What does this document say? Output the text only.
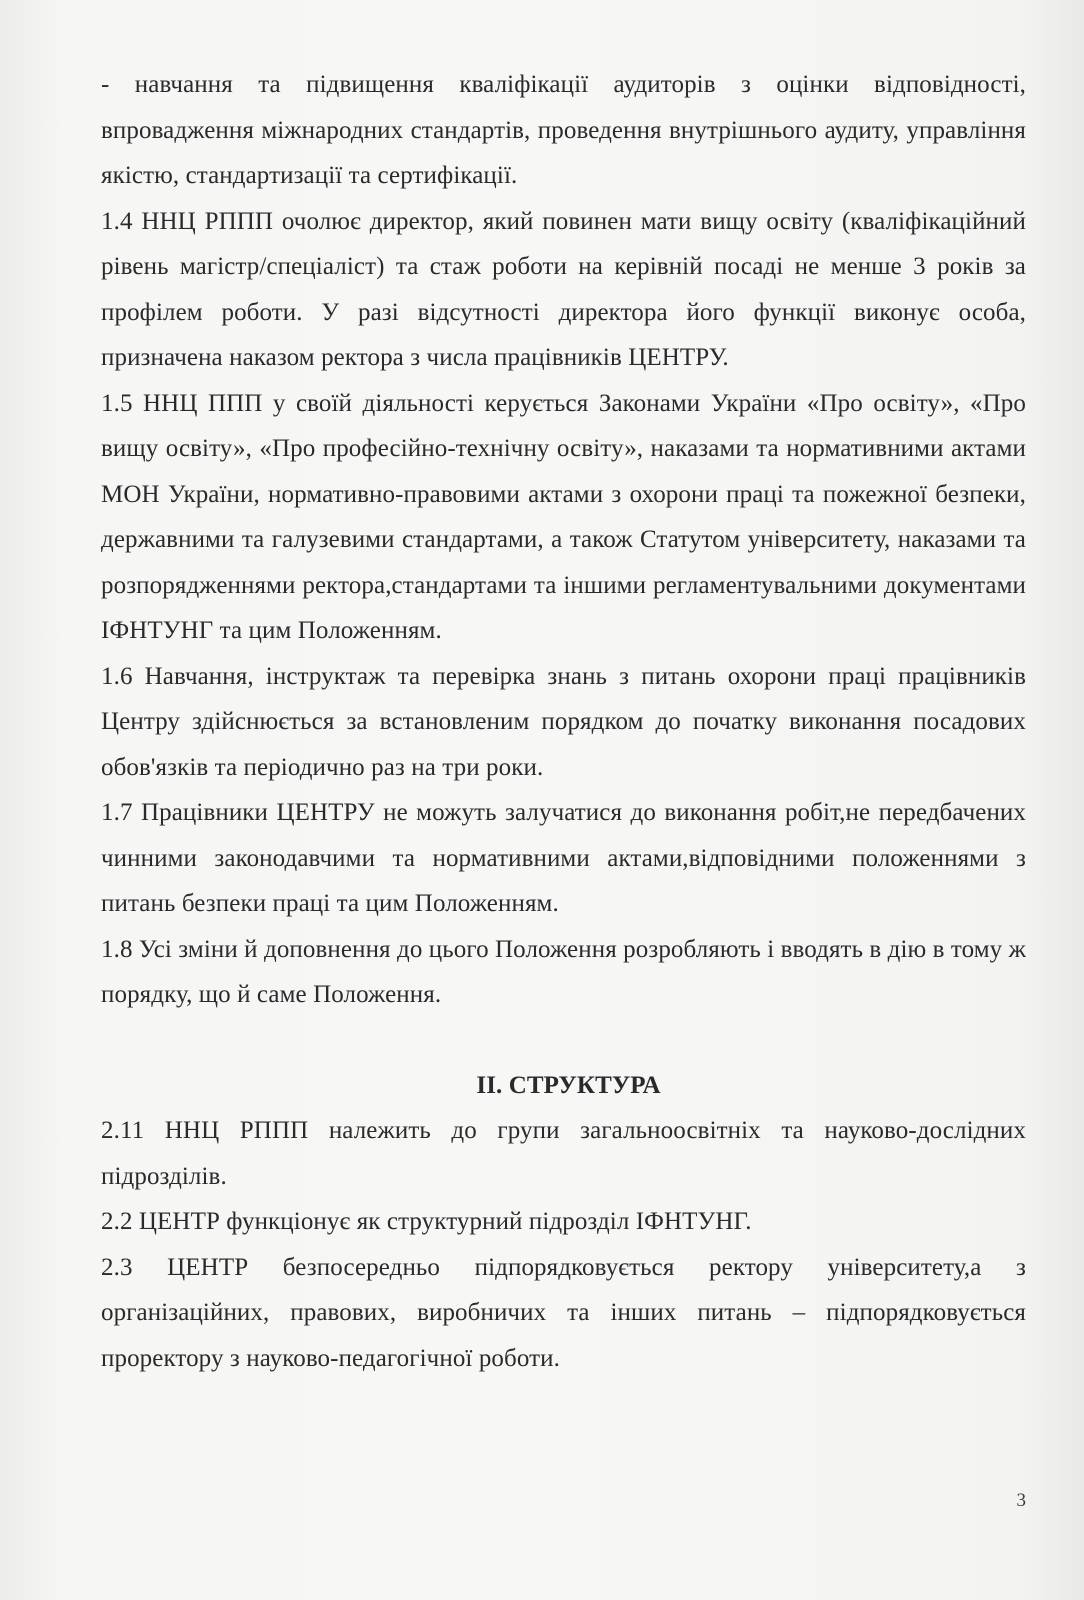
- навчання та підвищення кваліфікації аудиторів з оцінки відповідності, впровадження міжнародних стандартів, проведення внутрішнього аудиту, управління якістю, стандартизації та сертифікації.

1.4 ННЦ РППП очолює директор, який повинен мати вищу освіту (кваліфікаційний рівень магістр/спеціаліст) та стаж роботи на керівній посаді не менше 3 років за профілем роботи. У разі відсутності директора його функції виконує особа, призначена наказом ректора з числа працівників ЦЕНТРУ.

1.5 ННЦ ППП у своїй діяльності керується Законами України «Про освіту», «Про вищу освіту», «Про професійно-технічну освіту», наказами та нормативними актами МОН України, нормативно-правовими актами з охорони праці та пожежної безпеки, державними та галузевими стандартами, а також Статутом університету, наказами та розпорядженнями ректора,стандартами та іншими регламентувальними документами ІФНТУНГ та цим Положенням.

1.6 Навчання, інструктаж та перевірка знань з питань охорони праці працівників Центру здійснюється за встановленим порядком до початку виконання посадових обов'язків та періодично раз на три роки.

1.7 Працівники ЦЕНТРУ не можуть залучатися до виконання робіт,не передбачених чинними законодавчими та нормативними актами,відповідними положеннями з питань безпеки праці та цим Положенням.

1.8 Усі зміни й доповнення до цього Положення розробляють і вводять в дію в тому ж порядку, що й саме Положення.

ІІ. СТРУКТУРА

2.11 ННЦ РППП належить до групи загальноосвітніх та науково-дослідних підрозділів.

2.2 ЦЕНТР функціонує як структурний підрозділ ІФНТУНГ.

2.3 ЦЕНТР безпосередньо підпорядковується ректору університету,а з організаційних, правових, виробничих та інших питань – підпорядковується проректору з науково-педагогічної роботи.

3
